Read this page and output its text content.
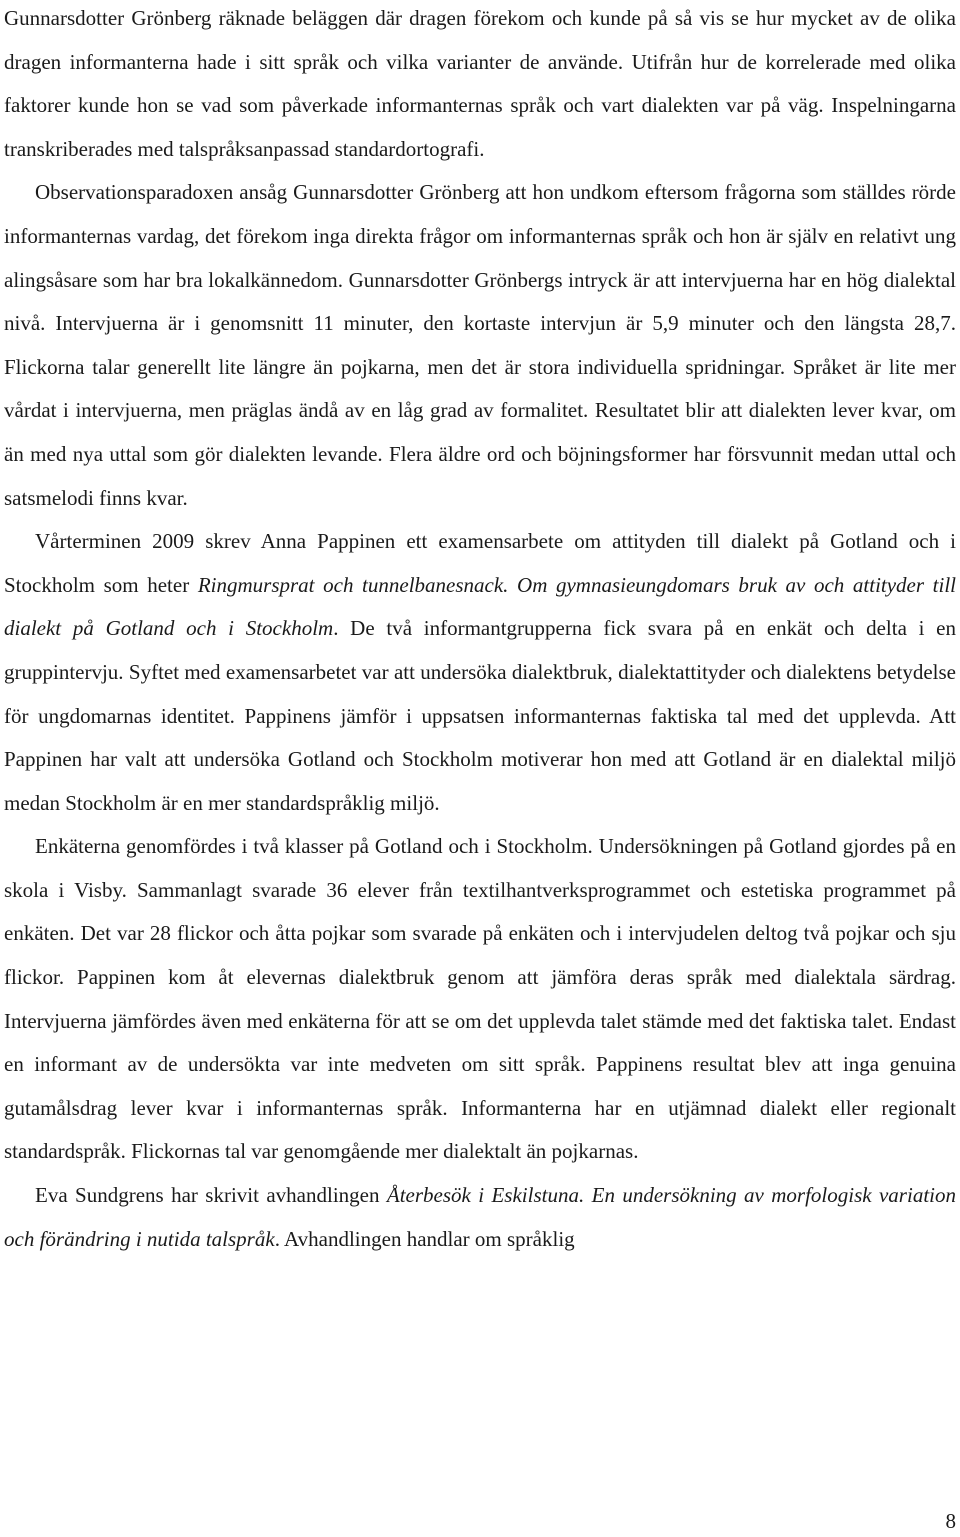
Gunnarsdotter Grönberg räknade beläggen där dragen förekom och kunde på så vis se hur mycket av de olika dragen informanterna hade i sitt språk och vilka varianter de använde. Utifrån hur de korrelerade med olika faktorer kunde hon se vad som påverkade informanternas språk och vart dialekten var på väg. Inspelningarna transkriberades med talspråksanpassad standardortografi.

Observationsparadoxen ansåg Gunnarsdotter Grönberg att hon undkom eftersom frågorna som ställdes rörde informanternas vardag, det förekom inga direkta frågor om informanternas språk och hon är själv en relativt ung alingsåsare som har bra lokalkännedom. Gunnarsdotter Grönbergs intryck är att intervjuerna har en hög dialektal nivå. Intervjuerna är i genomsnitt 11 minuter, den kortaste intervjun är 5,9 minuter och den längsta 28,7. Flickorna talar generellt lite längre än pojkarna, men det är stora individuella spridningar. Språket är lite mer vårdat i intervjuerna, men präglas ändå av en låg grad av formalitet. Resultatet blir att dialekten lever kvar, om än med nya uttal som gör dialekten levande. Flera äldre ord och böjningsformer har försvunnit medan uttal och satsmelodi finns kvar.

Vårterminen 2009 skrev Anna Pappinen ett examensarbete om attityden till dialekt på Gotland och i Stockholm som heter Ringmursprat och tunnelbanesnack. Om gymnasieungdomars bruk av och attityder till dialekt på Gotland och i Stockholm. De två informantgrupperna fick svara på en enkät och delta i en gruppintervju. Syftet med examensarbetet var att undersöka dialektbruk, dialektattityder och dialektens betydelse för ungdomarnas identitet. Pappinens jämför i uppsatsen informanternas faktiska tal med det upplevda. Att Pappinen har valt att undersöka Gotland och Stockholm motiverar hon med att Gotland är en dialektal miljö medan Stockholm är en mer standardspråklig miljö.

Enkäterna genomfördes i två klasser på Gotland och i Stockholm. Undersökningen på Gotland gjordes på en skola i Visby. Sammanlagt svarade 36 elever från textilhantverksprogrammet och estetiska programmet på enkäten. Det var 28 flickor och åtta pojkar som svarade på enkäten och i intervjudelen deltog två pojkar och sju flickor. Pappinen kom åt elevernas dialektbruk genom att jämföra deras språk med dialektala särdrag. Intervjuerna jämfördes även med enkäterna för att se om det upplevda talet stämde med det faktiska talet. Endast en informant av de undersökta var inte medveten om sitt språk. Pappinens resultat blev att inga genuina gutamålsdrag lever kvar i informanternas språk. Informanterna har en utjämnad dialekt eller regionalt standardspråk. Flickornas tal var genomgående mer dialektalt än pojkarnas.

Eva Sundgrens har skrivit avhandlingen Återbesök i Eskilstuna. En undersökning av morfologisk variation och förändring i nutida talspråk. Avhandlingen handlar om språklig

8
